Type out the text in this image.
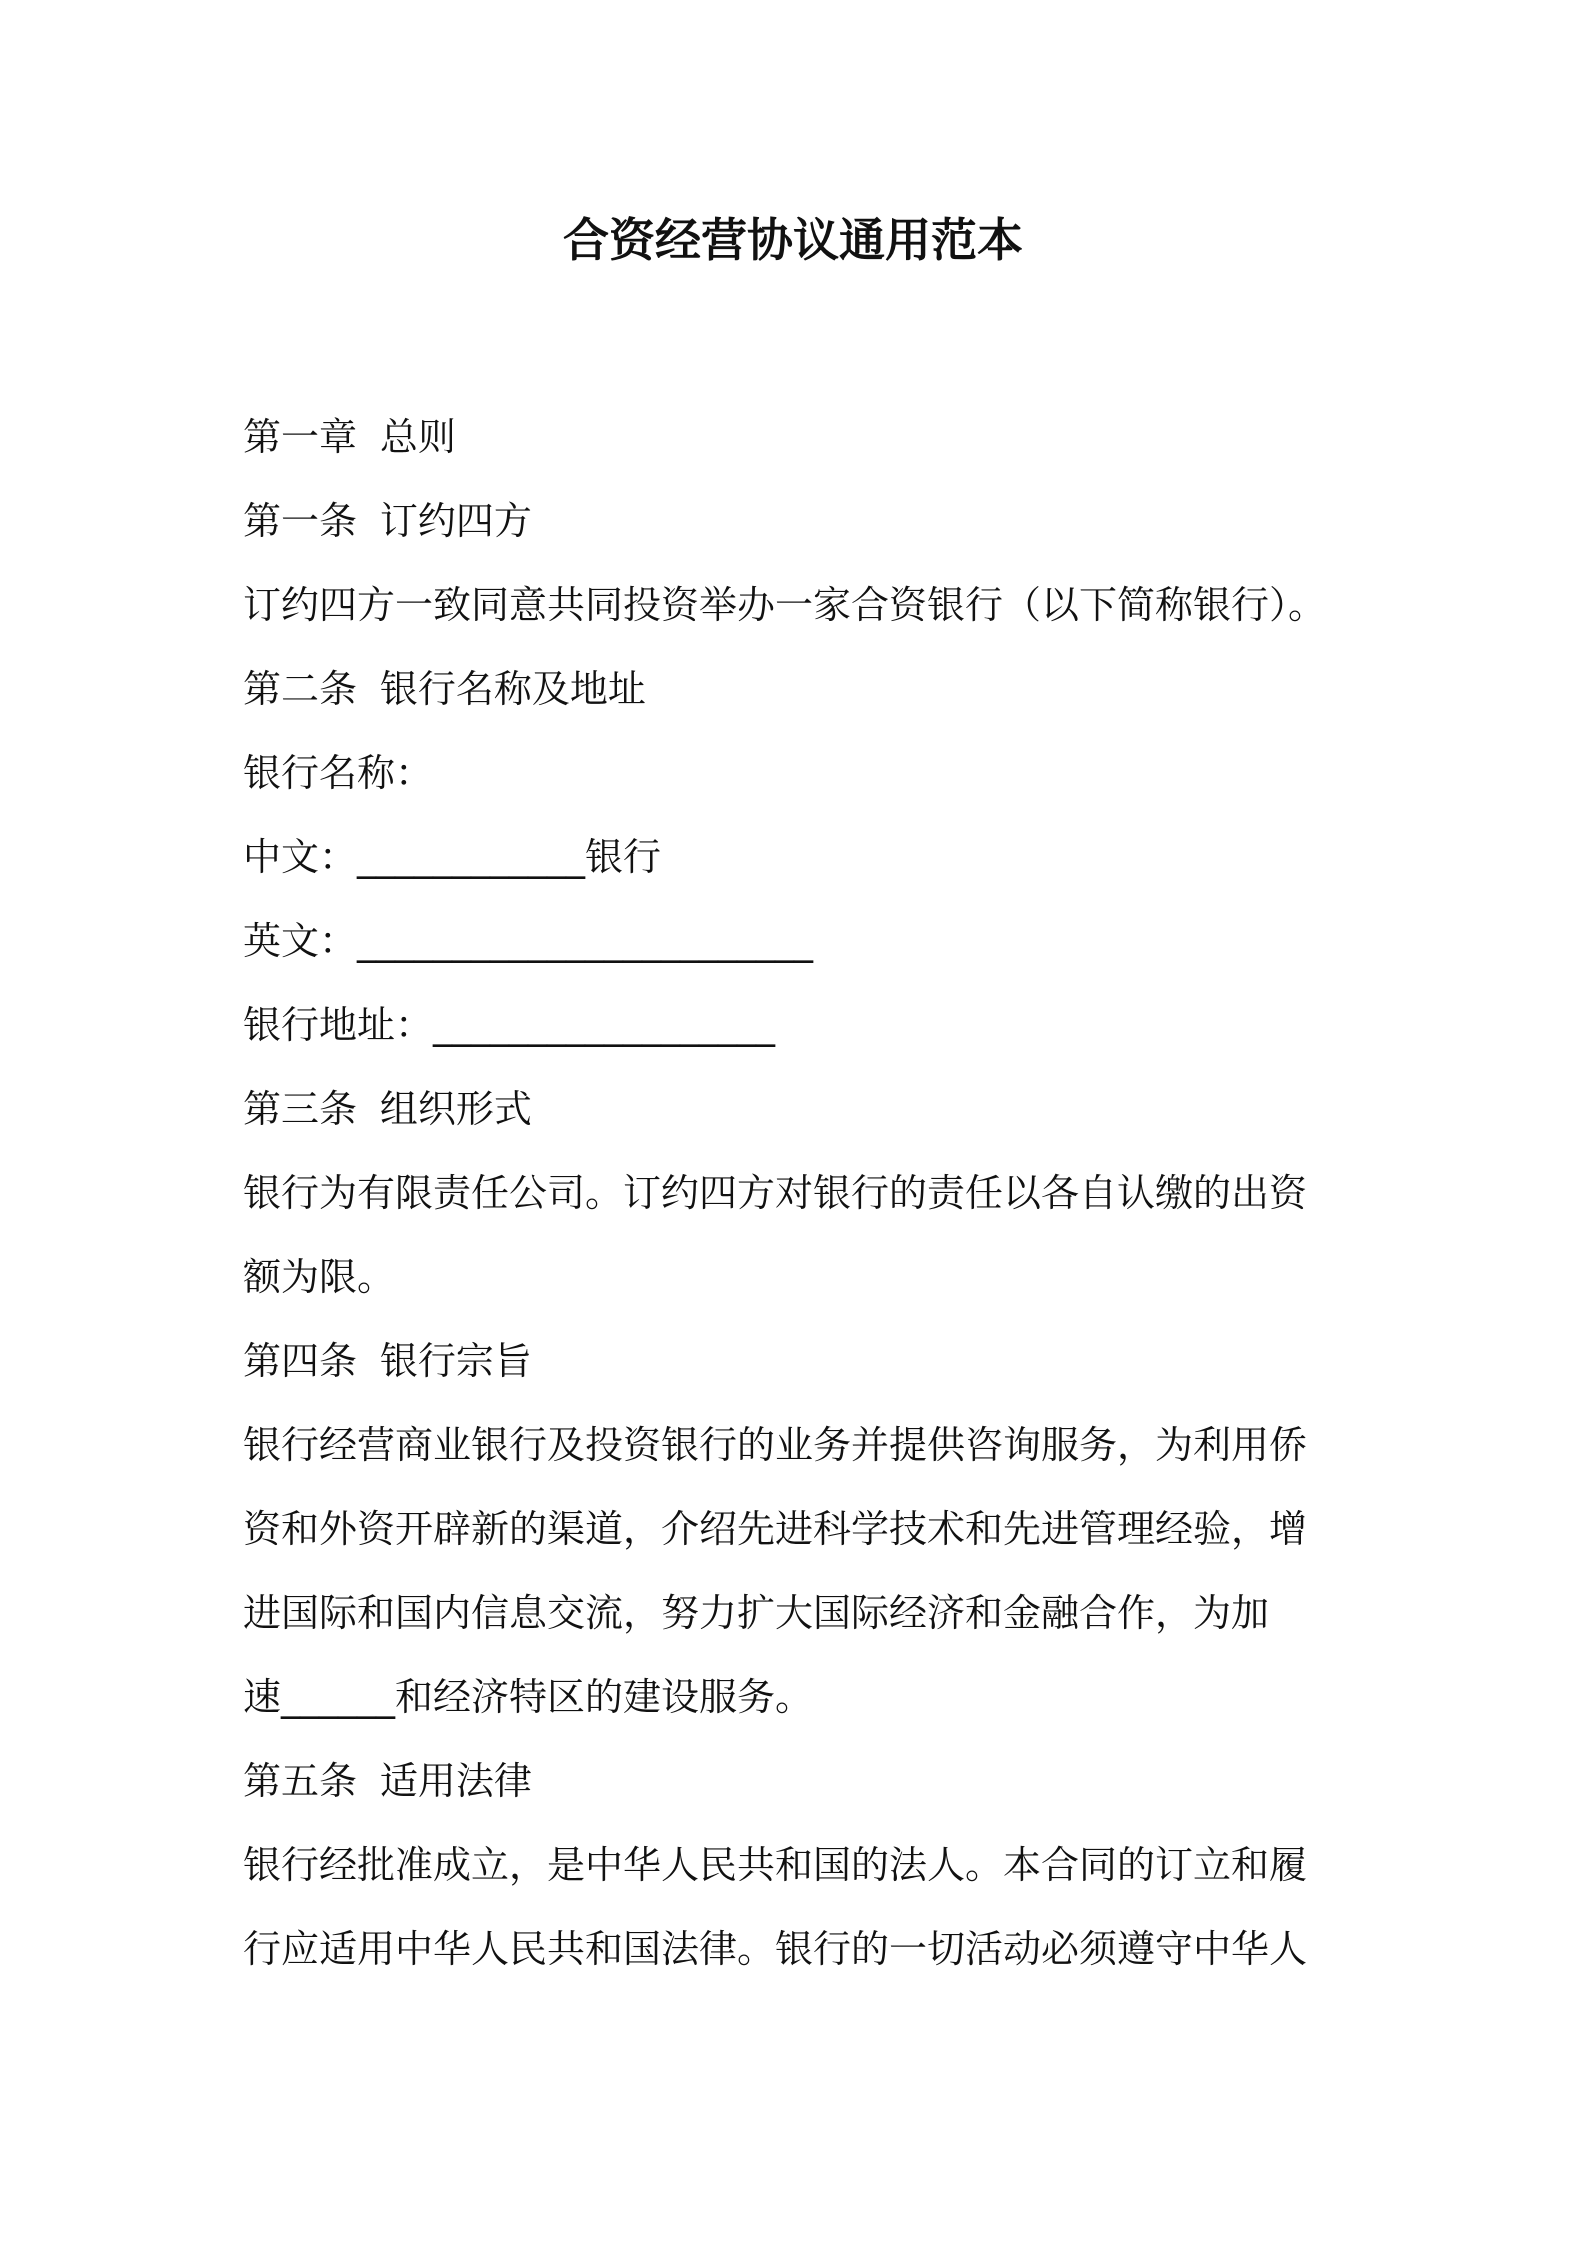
合资经营协议通用范本
第一章 总则
第一条 订约四方
订约四方一致同意共同投资举办一家合资银行（以下简称银行）。
第二条 银行名称及地址
银行名称：
中文：____________银行
英文：________________________
银行地址：__________________
第三条 组织形式
银行为有限责任公司。订约四方对银行的责任以各自认缴的出资
额为限。
第四条 银行宗旨
银行经营商业银行及投资银行的业务并提供咨询服务，为利用侨
资和外资开辟新的渠道，介绍先进科学技术和先进管理经验，增
进国际和国内信息交流，努力扩大国际经济和金融合作，为加
速______和经济特区的建设服务。
第五条 适用法律
银行经批准成立，是中华人民共和国的法人。本合同的订立和履
行应适用中华人民共和国法律。银行的一切活动必须遵守中华人
